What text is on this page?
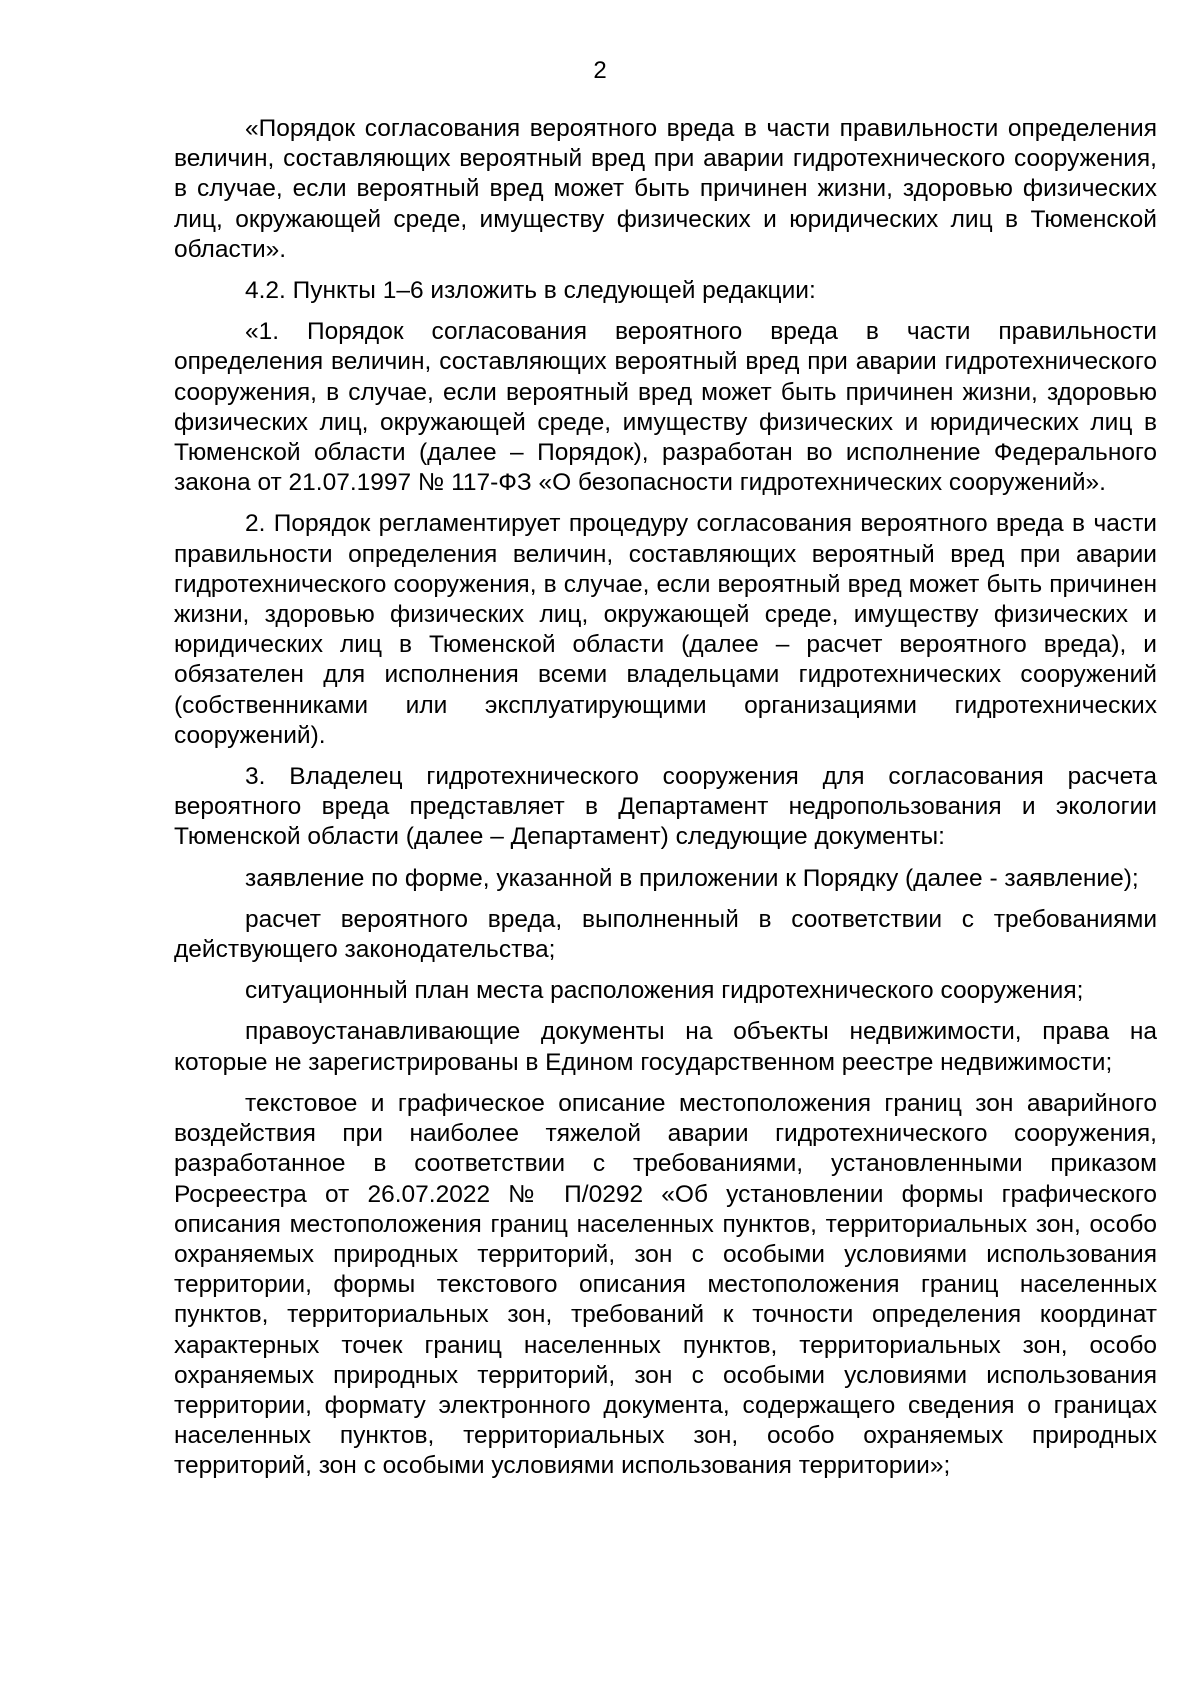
2

«Порядок согласования вероятного вреда в части правильности определения величин, составляющих вероятный вред при аварии гидротехнического сооружения, в случае, если вероятный вред может быть причинен жизни, здоровью физических лиц, окружающей среде, имуществу физических и юридических лиц в Тюменской области».

4.2. Пункты 1–6 изложить в следующей редакции:

«1. Порядок согласования вероятного вреда в части правильности определения величин, составляющих вероятный вред при аварии гидротехнического сооружения, в случае, если вероятный вред может быть причинен жизни, здоровью физических лиц, окружающей среде, имуществу физических и юридических лиц в Тюменской области (далее – Порядок), разработан во исполнение Федерального закона от 21.07.1997 № 117-ФЗ «О безопасности гидротехнических сооружений».

2. Порядок регламентирует процедуру согласования вероятного вреда в части правильности определения величин, составляющих вероятный вред при аварии гидротехнического сооружения, в случае, если вероятный вред может быть причинен жизни, здоровью физических лиц, окружающей среде, имуществу физических и юридических лиц в Тюменской области (далее – расчет вероятного вреда), и обязателен для исполнения всеми владельцами гидротехнических сооружений (собственниками или эксплуатирующими организациями гидротехнических сооружений).

3. Владелец гидротехнического сооружения для согласования расчета вероятного вреда представляет в Департамент недропользования и экологии Тюменской области (далее – Департамент) следующие документы:

заявление по форме, указанной в приложении к Порядку (далее - заявление);

расчет вероятного вреда, выполненный в соответствии с требованиями действующего законодательства;

ситуационный план места расположения гидротехнического сооружения;

правоустанавливающие документы на объекты недвижимости, права на которые не зарегистрированы в Едином государственном реестре недвижимости;

текстовое и графическое описание местоположения границ зон аварийного воздействия при наиболее тяжелой аварии гидротехнического сооружения, разработанное в соответствии с требованиями, установленными приказом Росреестра от 26.07.2022 № П/0292 «Об установлении формы графического описания местоположения границ населенных пунктов, территориальных зон, особо охраняемых природных территорий, зон с особыми условиями использования территории, формы текстового описания местоположения границ населенных пунктов, территориальных зон, требований к точности определения координат характерных точек границ населенных пунктов, территориальных зон, особо охраняемых природных территорий, зон с особыми условиями использования территории, формату электронного документа, содержащего сведения о границах населенных пунктов, территориальных зон, особо охраняемых природных территорий, зон с особыми условиями использования территории»;
